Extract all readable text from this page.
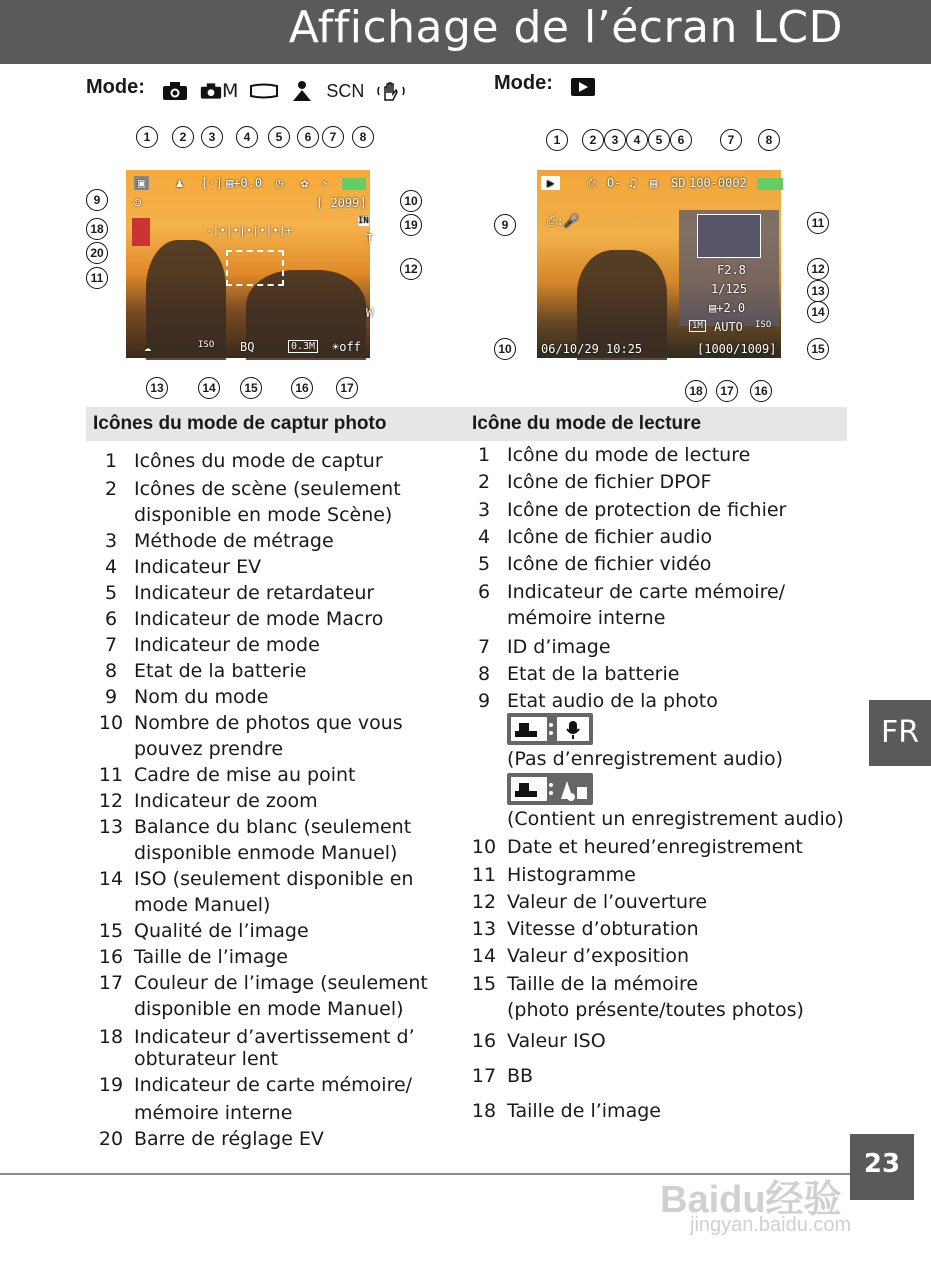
Affichage de l’écran LCD
Mode:	M	SCN	Mode:
▣	♟ [·] ▤+0.0 ◷ ✿ ⚡
☺	[ 2099]
IN
-|•|•|•|•|•|+
T
W
☁	ISO BQ	0.3M ☀off
1	2	3	4	5	6	7	8
9	10
18	19
20
11
12
13	14	15	16	17
▶	⎙ O- ♫ ▤ SD 100-0002
⎙:🎤
F2.8
1/125
▤+2.0
1M AUTO ISO
06/10/29 10:25	[1000/1009]
1	2	3	4	5	6	7	8
9	11
12
13
14
10	15
18	17	16
Icônes du mode de captur photo	Icône du mode de lecture
1 Icônes du mode de captur
2 Icônes de scène (seulement
disponible en mode Scène)
3 Méthode de métrage
4 Indicateur EV
5 Indicateur de retardateur
6 Indicateur de mode Macro
7 Indicateur de mode
8 Etat de la batterie
9 Nom du mode
10 Nombre de photos que vous
pouvez prendre
11 Cadre de mise au point
12 Indicateur de zoom
13 Balance du blanc (seulement
disponible enmode Manuel)
14 ISO (seulement disponible en
mode Manuel)
15 Qualité de l’image
16 Taille de l’image
17 Couleur de l’image (seulement
disponible en mode Manuel)
18 Indicateur d’avertissement d’
obturateur lent
19 Indicateur de carte mémoire/
mémoire interne
20 Barre de réglage EV
1 Icône du mode de lecture
2 Icône de fichier DPOF
3 Icône de protection de fichier
4 Icône de fichier audio
5 Icône de fichier vidéo
6 Indicateur de carte mémoire/
mémoire interne
7 ID d’image
8 Etat de la batterie
9 Etat audio de la photo
(Pas d’enregistrement audio)
(Contient un enregistrement audio)
10 Date et heured’enregistrement
11 Histogramme
12 Valeur de l’ouverture
13 Vitesse d’obturation
14 Valeur d’exposition
15 Taille de la mémoire
(photo présente/toutes photos)
16 Valeur ISO
17 BB
18 Taille de l’image
FR
23
Baidu经验
jingyan.baidu.com
